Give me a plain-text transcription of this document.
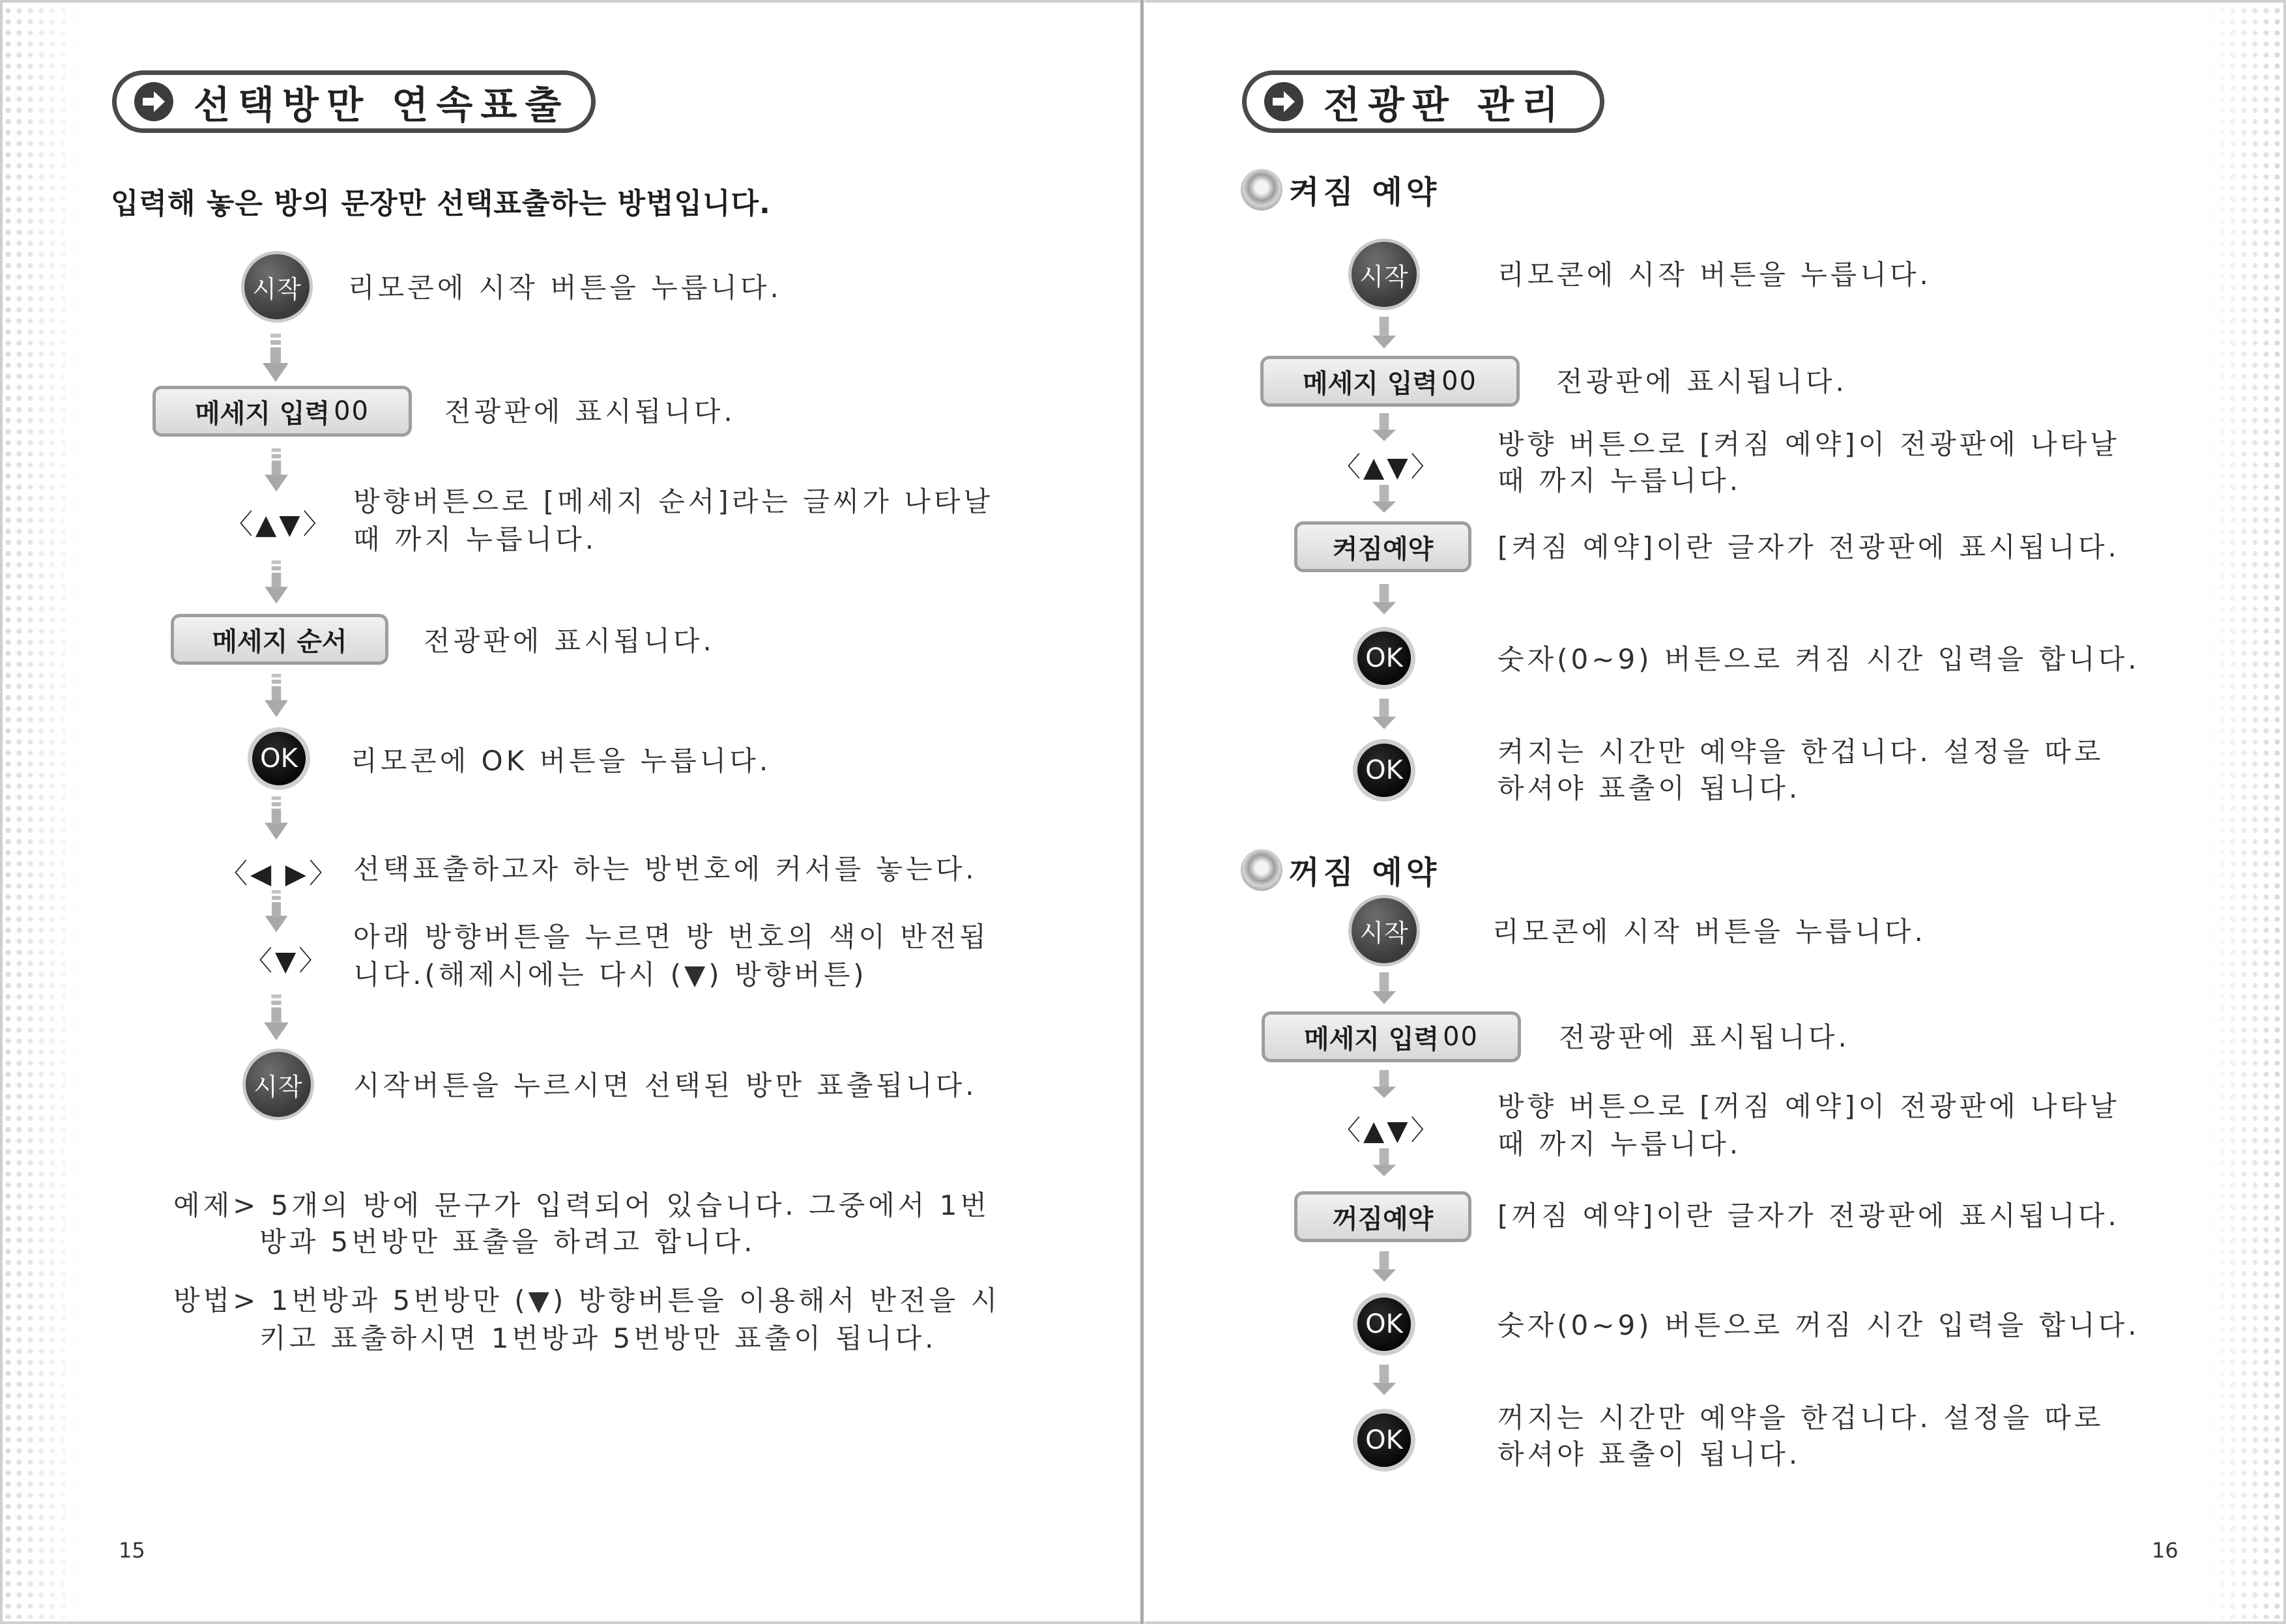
선택방만 연속표출
입력해 놓은 방의 문장만 선택표출하는 방법입니다.
시작	리모콘에 시작 버튼을 누릅니다.
메세지 입력 00	전광판에 표시됩니다.
〈▲▼〉
방향버튼으로 [메세지 순서]라는 글씨가 나타날
때 까지 누릅니다.
메세지 순서	전광판에 표시됩니다.
OK	리모콘에 OK 버튼을 누릅니다.
〈◀ ▶〉 선택표출하고자 하는 방번호에 커서를 놓는다.
〈▼〉
아래 방향버튼을 누르면 방 번호의 색이 반전됩
니다.(해제시에는 다시 (▼) 방향버튼)
시작	시작버튼을 누르시면 선택된 방만 표출됩니다.
예제> 5개의 방에 문구가 입력되어 있습니다. 그중에서 1번
방과 5번방만 표출을 하려고 합니다.
방법> 1번방과 5번방만 (▼) 방향버튼을 이용해서 반전을 시
키고 표출하시면 1번방과 5번방만 표출이 됩니다.
15
전광판 관리
켜짐 예약
시작	리모콘에 시작 버튼을 누릅니다.
메세지 입력 00	전광판에 표시됩니다.
〈▲▼〉
방향 버튼으로 [켜짐 예약]이 전광판에 나타날
때 까지 누릅니다.
켜짐예약 [켜짐 예약]이란 글자가 전광판에 표시됩니다.
OK	숫자(0~9) 버튼으로 켜짐 시간 입력을 합니다.
OK
켜지는 시간만 예약을 한겁니다. 설정을 따로
하셔야 표출이 됩니다.
꺼짐 예약
시작	리모콘에 시작 버튼을 누릅니다.
메세지 입력 00	전광판에 표시됩니다.
〈▲▼〉
방향 버튼으로 [꺼짐 예약]이 전광판에 나타날
때 까지 누릅니다.
꺼짐예약 [꺼짐 예약]이란 글자가 전광판에 표시됩니다.
OK	숫자(0~9) 버튼으로 꺼짐 시간 입력을 합니다.
OK
꺼지는 시간만 예약을 한겁니다. 설정을 따로
하셔야 표출이 됩니다.
16
